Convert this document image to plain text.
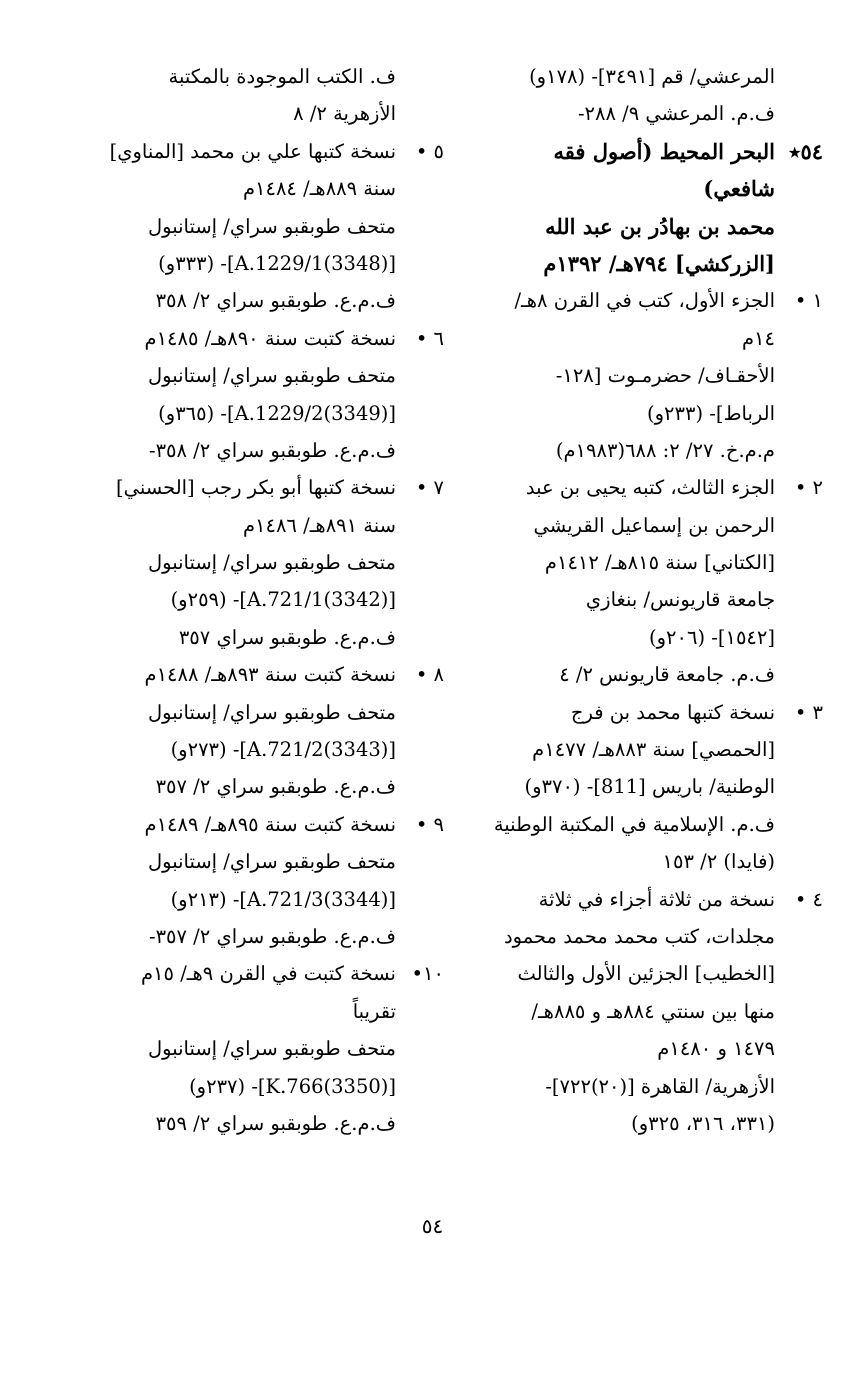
المرعشي/ قم [٣٤٩١]- (١٧٨و)
ف.م. المرعشي ٩/ ٢٨٨-
٥٤٭
البحر المحيط (أصول فقه
شافعي)
محمد بن بهادُر بن عبد الله
[الزركشي] ٧٩٤هـ/ ١٣٩٢م
١ •
الجزء الأول، كتب في القرن ٨هـ/
١٤م
الأحقـاف/ حضرمـوت [١٢٨-
الرباط]- (٢٣٣و)
م.م.خ. ٢٧/ ٢: ٦٨٨(١٩٨٣م)
٢ •
الجزء الثالث، كتبه يحيى بن عبد
الرحمن بن إسماعيل القريشي
[الكتاني] سنة ٨١٥هـ/ ١٤١٢م
جامعة قاريونس/ بنغازي
[١٥٤٢]- (٢٠٦و)
ف.م. جامعة قاريونس ٢/ ٤
٣ •
نسخة كتبها محمد بن فرج
[الحمصي] سنة ٨٨٣هـ/ ١٤٧٧م
الوطنية/ باريس [811]- (٣٧٠و)
ف.م. الإسلامية في المكتبة الوطنية
(فايدا) ٢/ ١٥٣
٤ •
نسخة من ثلاثة أجزاء في ثلاثة
مجلدات، كتب محمد محمد محمود
[الخطيب] الجزئين الأول والثالث
منها بين سنتي ٨٨٤هـ و ٨٨٥هـ/
١٤٧٩ و ١٤٨٠م
الأزهرية/ القاهرة [(٢٠)٧٢٢]-
(٣٣١، ٣١٦، ٣٢٥و)
ف. الكتب الموجودة بالمكتبة
الأزهرية ٢/ ٨
٥ •
نسخة كتبها علي بن محمد [المناوي]
سنة ٨٨٩هـ/ ١٤٨٤م
متحف طوبقبو سراي/ إستانبول
[(3348)A.1229/1]- (٣٣٣و)
ف.م.ع. طوبقبو سراي ٢/ ٣٥٨
٦ •
نسخة كتبت سنة ٨٩٠هـ/ ١٤٨٥م
متحف طوبقبو سراي/ إستانبول
[(3349)A.1229/2]- (٣٦٥و)
ف.م.ع. طوبقبو سراي ٢/ ٣٥٨-
٧ •
نسخة كتبها أبو بكر رجب [الحسني]
سنة ٨٩١هـ/ ١٤٨٦م
متحف طوبقبو سراي/ إستانبول
[(3342)A.721/1]- (٢٥٩و)
ف.م.ع. طوبقبو سراي ٣٥٧
٨ •
نسخة كتبت سنة ٨٩٣هـ/ ١٤٨٨م
متحف طوبقبو سراي/ إستانبول
[(3343)A.721/2]- (٢٧٣و)
ف.م.ع. طوبقبو سراي ٢/ ٣٥٧
٩ •
نسخة كتبت سنة ٨٩٥هـ/ ١٤٨٩م
متحف طوبقبو سراي/ إستانبول
[(3344)A.721/3]- (٢١٣و)
ف.م.ع. طوبقبو سراي ٢/ ٣٥٧-
١٠•
نسخة كتبت في القرن ٩هـ/ ١٥م
تقريباً
متحف طوبقبو سراي/ إستانبول
[(3350)K.766]- (٢٣٧و)
ف.م.ع. طوبقبو سراي ٢/ ٣٥٩
٥٤
